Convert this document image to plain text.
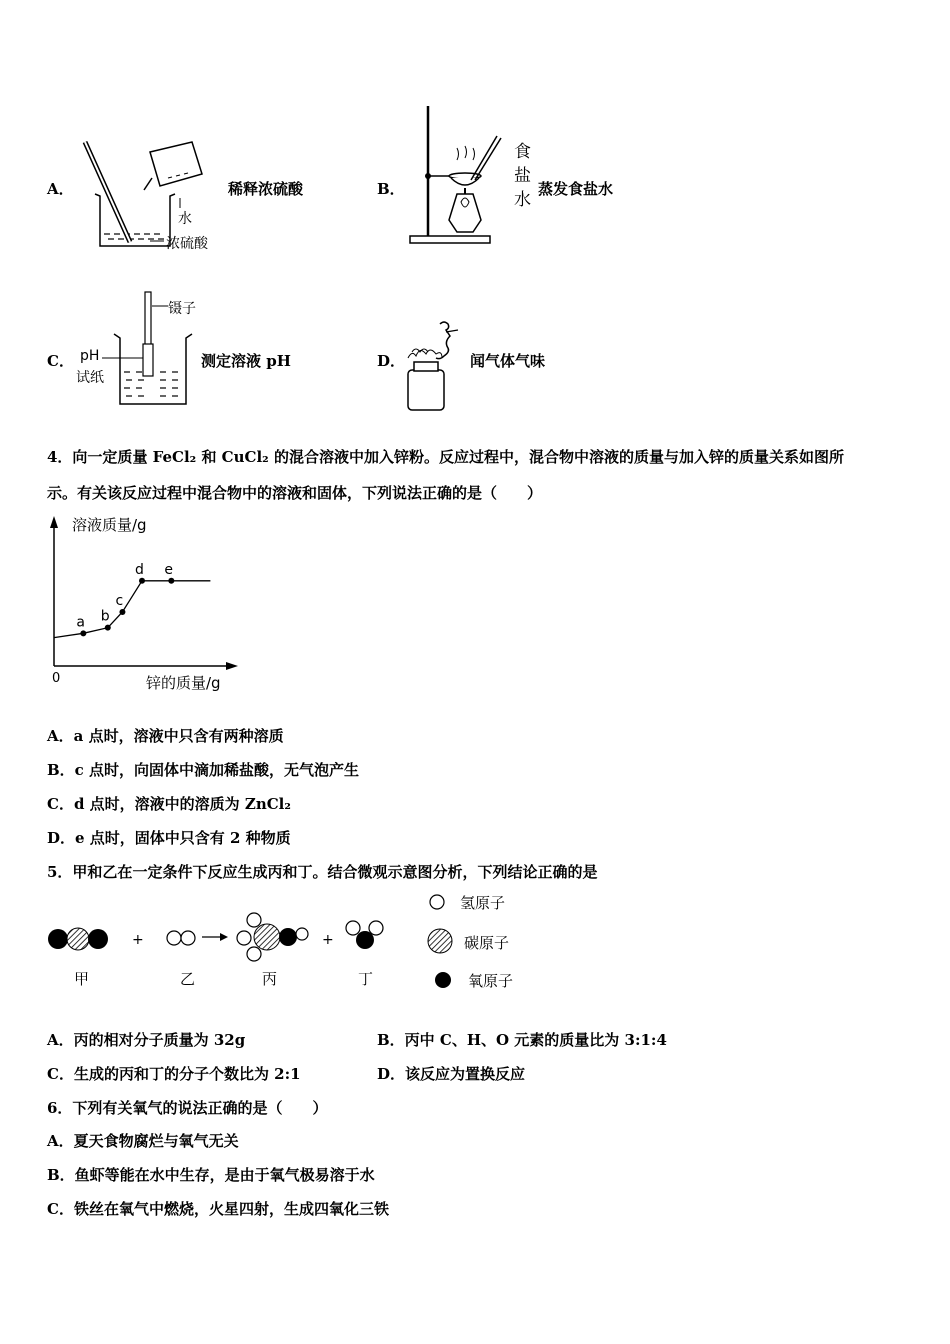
A．
水
浓硫酸
稀释浓硫酸	B．
食盐水
蒸发食盐水
C． pH
试纸
镊子
测定溶液 pH	D．	闻气体气味
4．向一定质量 FeCl₂ 和 CuCl₂ 的混合溶液中加入锌粉。反应过程中，混合物中溶液的质量与加入锌的质量关系如图所
示。有关该反应过程中混合物中的溶液和固体，下列说法正确的是（　　）
溶液质量/g
锌的质量/g
0
a b
c
d e
A．a 点时，溶液中只含有两种溶质
B．c 点时，向固体中滴加稀盐酸，无气泡产生
C．d 点时，溶液中的溶质为 ZnCl₂
D．e 点时，固体中只含有 2 种物质
5．甲和乙在一定条件下反应生成丙和丁。结合微观示意图分析，下列结论正确的是
+	+
甲	乙	丙	丁
氢原子
碳原子
氧原子
A．丙的相对分子质量为 32g	B．丙中 C、H、O 元素的质量比为 3:1:4
C．生成的丙和丁的分子个数比为 2:1	D．该反应为置换反应
6．下列有关氧气的说法正确的是（　　）
A．夏天食物腐烂与氧气无关
B．鱼虾等能在水中生存，是由于氧气极易溶于水
C．铁丝在氧气中燃烧，火星四射，生成四氧化三铁
